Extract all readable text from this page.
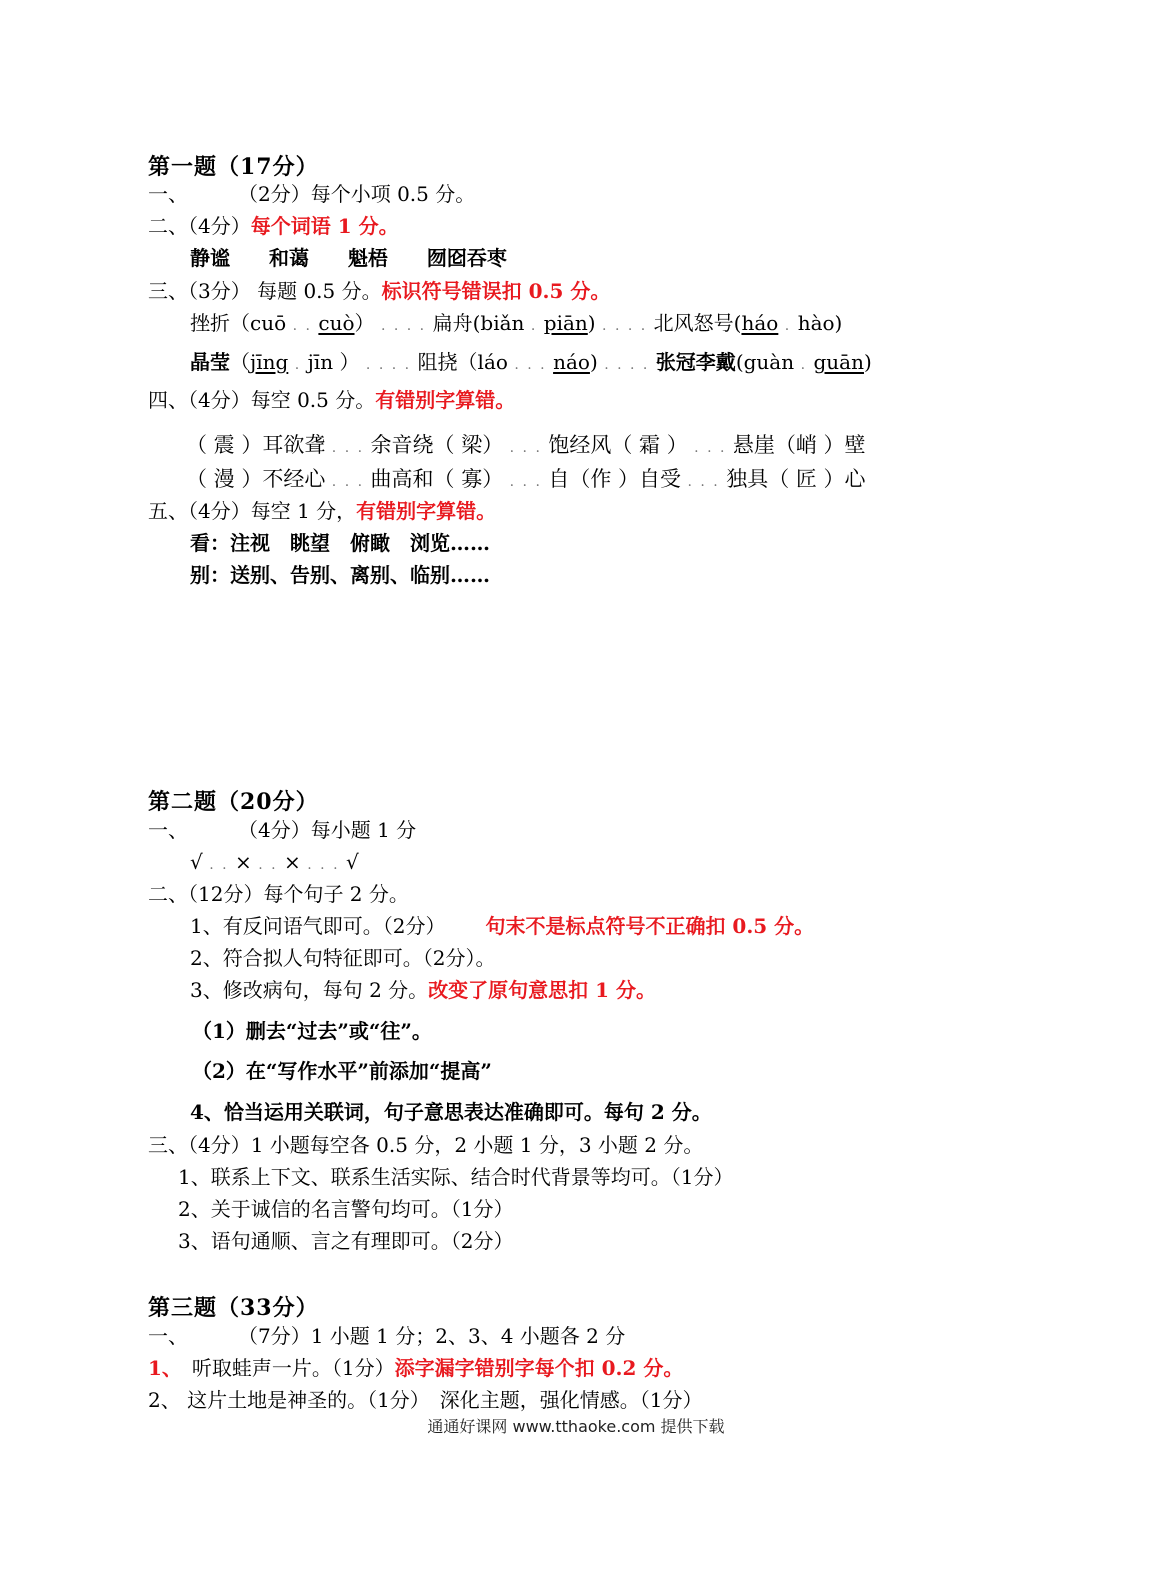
第一题（17分）
一、	（2分）每个小项 0.5 分。
二、（4分）每个词语 1 分。
静谧 和蔼 魁梧 囫囵吞枣
三、（3分） 每题 0.5 分。标识符号错误扣 0.5 分。
挫折（cuō . . cuò） . . . . 扁舟(biǎn . piān) . . . . 北风怒号(háo . hào)
晶莹（jīng . jīn ） . . . . 阻挠（láo . . . náo) . . . . 张冠李戴(guàn . guān)
四、（4分）每空 0.5 分。有错别字算错。
（ 震 ）耳欲聋 . . . 余音绕（ 梁） . . . 饱经风（ 霜 ） . . . 悬崖（峭 ）壁
（ 漫 ）不经心 . . . 曲高和（ 寡） . . . 自（作 ）自受 . . . 独具（ 匠 ）心
五、（4分）每空 1 分，有错别字算错。
看：注视　眺望　俯瞰　浏览……
别：送别、告别、离别、临别……
第二题（20分）
一、	（4分）每小题 1 分
√ . . × . . × . . . √
二、（12分）每个句子 2 分。
1、有反问语气即可。（2分） 句末不是标点符号不正确扣 0.5 分。
2、符合拟人句特征即可。（2分）。
3、修改病句，每句 2 分。改变了原句意思扣 1 分。
（1）删去“过去”或“往”。
（2）在“写作水平”前添加“提高”
4、恰当运用关联词，句子意思表达准确即可。每句 2 分。
三、（4分）1 小题每空各 0.5 分，2 小题 1 分，3 小题 2 分。
1、联系上下文、联系生活实际、结合时代背景等均可。（1分）
2、关于诚信的名言警句均可。（1分）
3、语句通顺、言之有理即可。（2分）
第三题（33分）
一、	（7分）1 小题 1 分；2、3、4 小题各 2 分
1、 听取蛙声一片。（1分）添字漏字错别字每个扣 0.2 分。
2、 这片土地是神圣的。（1分）　深化主题，强化情感。（1分）
通通好课网 www.tthaoke.com 提供下载
